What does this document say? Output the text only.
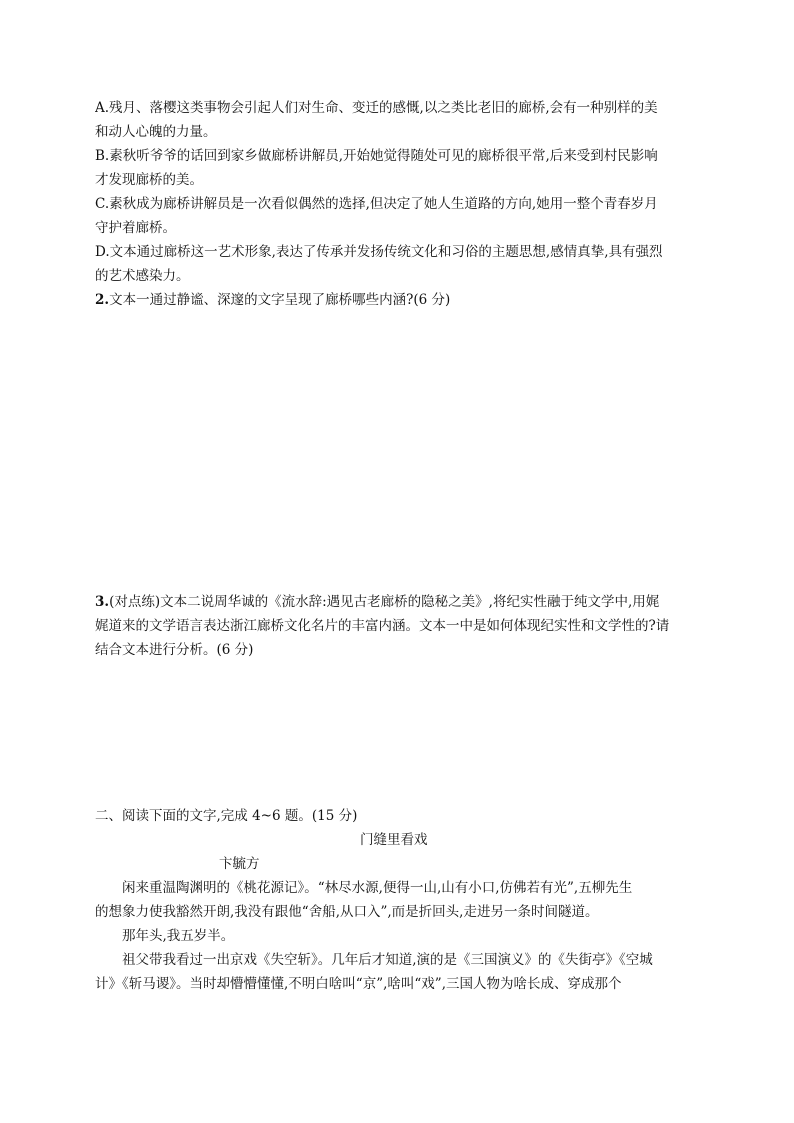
A.残月、落樱这类事物会引起人们对生命、变迁的感慨,以之类比老旧的廊桥,会有一种别样的美
和动人心魄的力量。
B.素秋听爷爷的话回到家乡做廊桥讲解员,开始她觉得随处可见的廊桥很平常,后来受到村民影响
才发现廊桥的美。
C.素秋成为廊桥讲解员是一次看似偶然的选择,但决定了她人生道路的方向,她用一整个青春岁月
守护着廊桥。
D.文本通过廊桥这一艺术形象,表达了传承并发扬传统文化和习俗的主题思想,感情真挚,具有强烈
的艺术感染力。
2.文本一通过静谧、深邃的文字呈现了廊桥哪些内涵?(6 分)
3.(对点练)文本二说周华诚的《流水辞:遇见古老廊桥的隐秘之美》,将纪实性融于纯文学中,用娓
娓道来的文学语言表达浙江廊桥文化名片的丰富内涵。文本一中是如何体现纪实性和文学性的?请
结合文本进行分析。(6 分)
二、阅读下面的文字,完成 4~6 题。(15 分)
门缝里看戏
卞毓方
闲来重温陶渊明的《桃花源记》。“林尽水源,便得一山,山有小口,仿佛若有光”,五柳先生
的想象力使我豁然开朗,我没有跟他“舍船,从口入”,而是折回头,走进另一条时间隧道。
那年头,我五岁半。
祖父带我看过一出京戏《失空斩》。几年后才知道,演的是《三国演义》的《失街亭》《空城
计》《斩马谡》。当时却懵懵懂懂,不明白啥叫“京”,啥叫“戏”,三国人物为啥长成、穿成那个
